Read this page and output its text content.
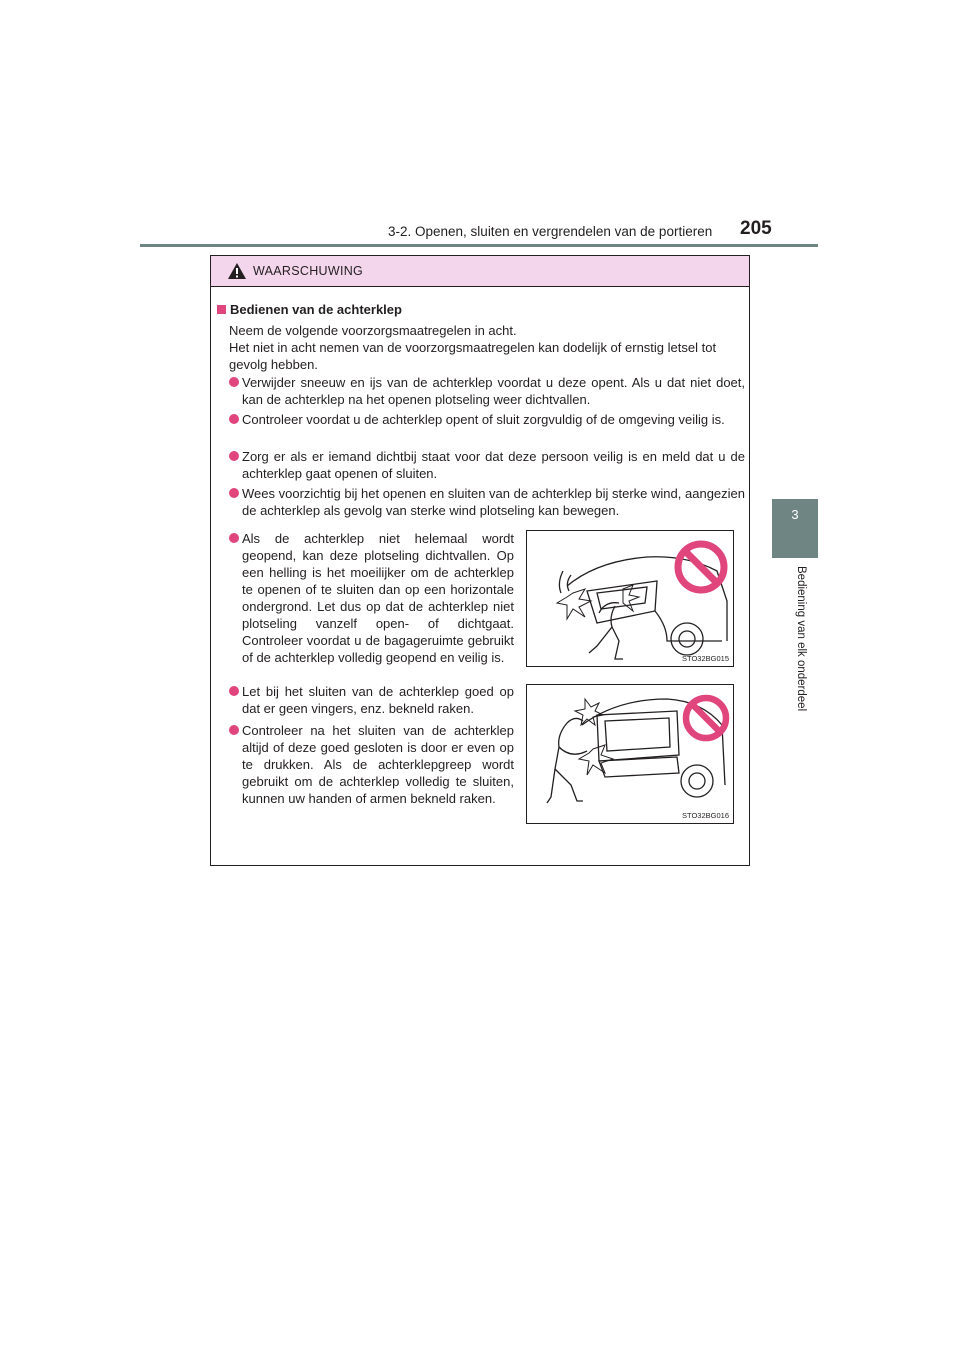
3-2. Openen, sluiten en vergrendelen van de portieren 205
3
Bediening van elk onderdeel
WAARSCHUWING
Bedienen van de achterklep
Neem de volgende voorzorgsmaatregelen in acht.
Het niet in acht nemen van de voorzorgsmaatregelen kan dodelijk of ernstig letsel tot gevolg hebben.
Verwijder sneeuw en ijs van de achterklep voordat u deze opent. Als u dat niet doet, kan de achterklep na het openen plotseling weer dichtvallen.
Controleer voordat u de achterklep opent of sluit zorgvuldig of de omgeving veilig is.
Zorg er als er iemand dichtbij staat voor dat deze persoon veilig is en meld dat u de achterklep gaat openen of sluiten.
Wees voorzichtig bij het openen en sluiten van de achterklep bij sterke wind, aangezien de achterklep als gevolg van sterke wind plotseling kan bewegen.
Als de achterklep niet helemaal wordt geopend, kan deze plotseling dichtvallen. Op een helling is het moeilijker om de achterklep te openen of te sluiten dan op een horizontale ondergrond. Let dus op dat de achterklep niet plotseling vanzelf open- of dichtgaat. Controleer voordat u de bagageruimte gebruikt of de achterklep volledig geopend en veilig is.
Let bij het sluiten van de achterklep goed op dat er geen vingers, enz. bekneld raken.
Controleer na het sluiten van de achterklep altijd of deze goed gesloten is door er even op te drukken. Als de achterklepgreep wordt gebruikt om de achterklep volledig te sluiten, kunnen uw handen of armen bekneld raken.
STO32BG015
STO32BG016
